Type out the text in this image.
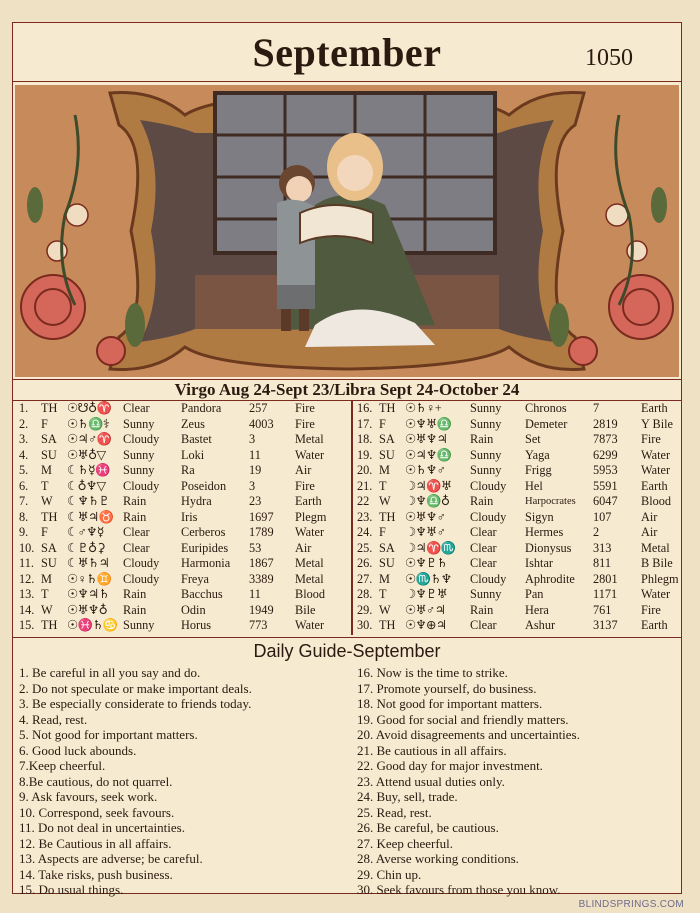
September	1050
Virgo Aug 24-Sept 23/Libra Sept 24-October 24
1. TH ☉☋♁♈ Clear	Pandora 257 Fire
2. F ☉♄♎⚕ Sunny Zeus	4003 Fire
3. SA ☉♃♂♈ Cloudy Bastet	3	Metal
4. SU ☉♅♁▽ Sunny Loki	11	Water
5. M ☾♄☿♓ Sunny Ra	19	Air
6. T ☾♁♆▽ Cloudy Poseidon 3	Fire
7. W ☾♆♄♇ Rain	Hydra	23	Earth
8. TH ☾♅♃♉ Rain	Iris	1697 Plegm
9. F ☾♂♆☿ Clear	Cerberos 1789 Water
10. SA ☾♇♁⚳ Clear	Euripides 53	Air
11. SU ☾♅♄♃ Cloudy Harmonia 1867 Metal
12. M ☉♀♄♊ Cloudy Freya	3389 Metal
13. T ☉♆♃♄ Rain	Bacchus 11	Blood
14. W ☉♅♆♁ Rain	Odin	1949 Bile
15. TH ☉♓♄♋ Sunny Horus	773 Water
16. TH ☉♄♀+ Sunny Chronos 7	Earth
17. F ☉♆♅♎ Sunny Demeter 2819 Y Bile
18. SA ☉♅♆♃ Rain	Set	7873 Fire
19. SU ☉♃♆♎ Sunny Yaga	6299 Water
20. M ☉♄♆♂ Sunny Frigg	5953 Water
21. T ☽♃♈♅ Cloudy Hel	5591 Earth
22 W ☽♆♎♁ Rain	Harpocrates 6047 Blood
23. TH ☉♅♆♂ Cloudy Sigyn	107 Air
24. F ☽♆♅♂ Clear Hermes 2	Air
25. SA ☽♃♈♏ Clear Dionysus 313 Metal
26. SU ☉♆♇♄ Clear Ishtar	811 B Bile
27. M ☉♏♄♆ Cloudy Aphrodite 2801 Phlegm
28. T ☽♆♇♅ Sunny Pan	1171 Water
29. W ☉♅♂♃ Rain	Hera	761 Fire
30. TH ☉♆⊕♃ Clear Ashur	3137 Earth
Daily Guide-September
1. Be careful in all you say and do.
2. Do not speculate or make important deals.
3. Be especially considerate to friends today.
4. Read, rest.
5. Not good for important matters.
6. Good luck abounds.
7.Keep cheerful.
8.Be cautious, do not quarrel.
9. Ask favours, seek work.
10. Correspond, seek favours.
11. Do not deal in uncertainties.
12. Be Cautious in all affairs.
13. Aspects are adverse; be careful.
14. Take risks, push business.
15. Do usual things.
16. Now is the time to strike.
17. Promote yourself, do business.
18. Not good for important matters.
19. Good for social and friendly matters.
20. Avoid disagreements and uncertainties.
21. Be cautious in all affairs.
22. Good day for major investment.
23. Attend usual duties only.
24. Buy, sell, trade.
25. Read, rest.
26. Be careful, be cautious.
27. Keep cheerful.
28. Averse working conditions.
29. Chin up.
30. Seek favours from those you know.
BLINDSPRINGS.COM
